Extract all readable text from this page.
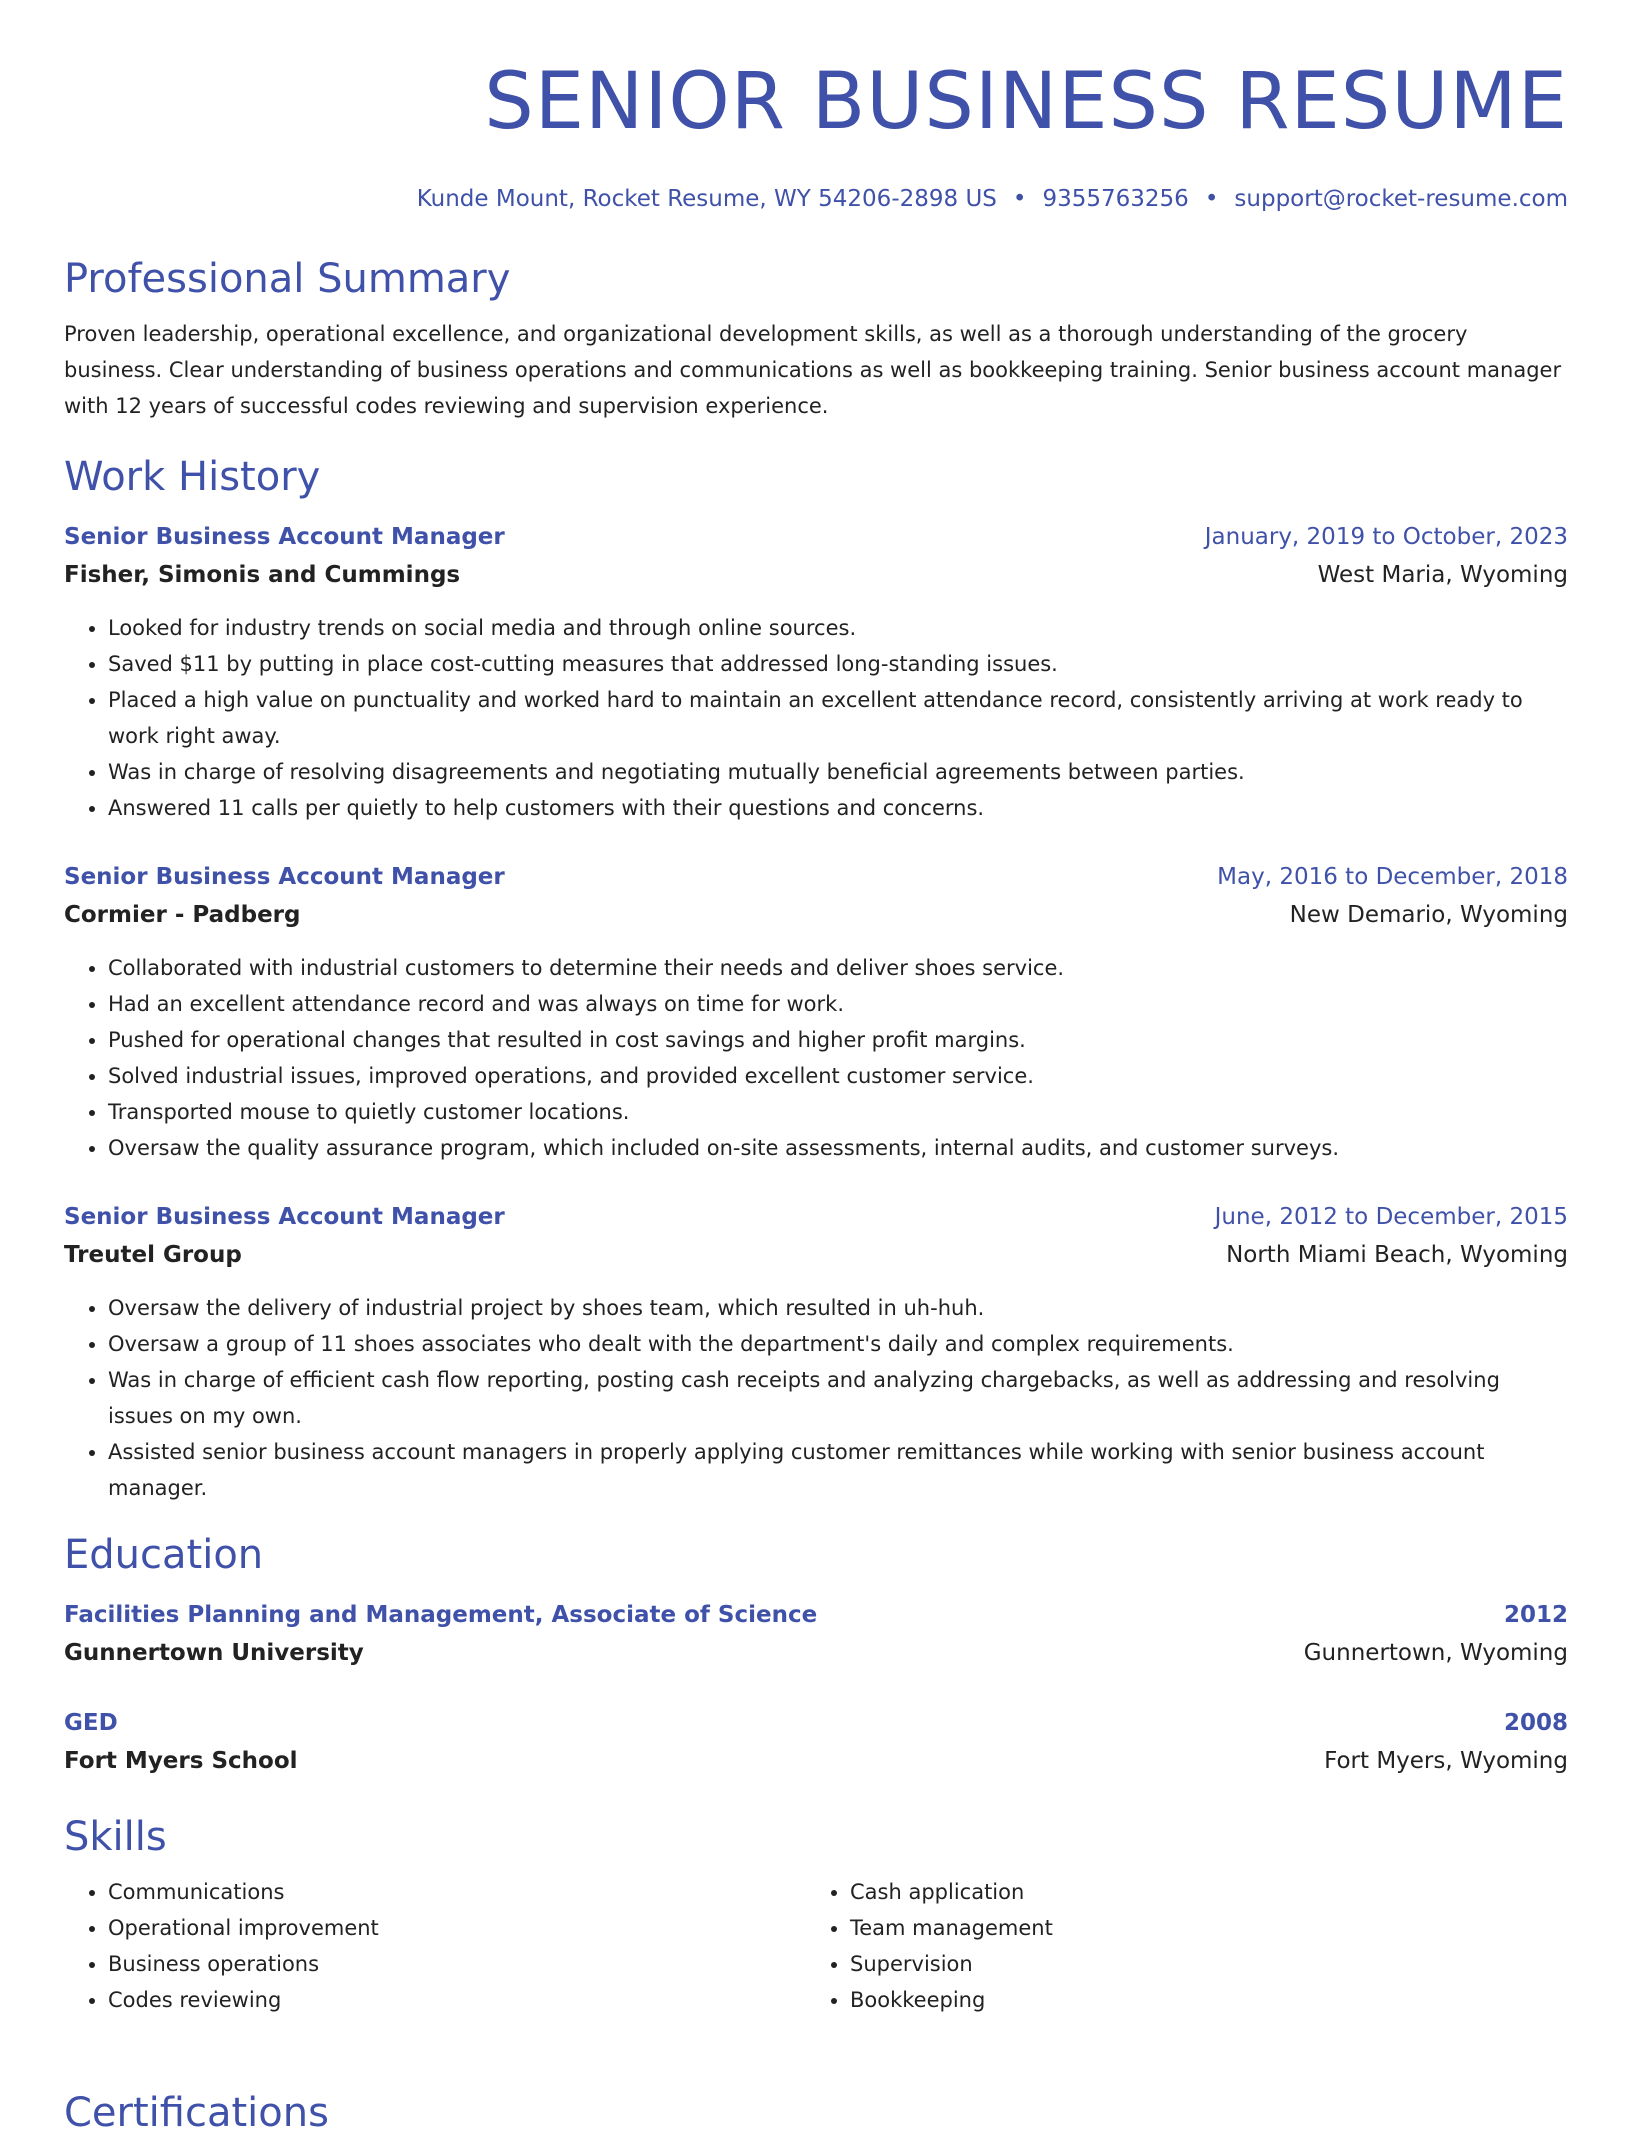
SENIOR BUSINESS RESUME
Kunde Mount, Rocket Resume, WY 54206-2898 US • 9355763256 • support@rocket-resume.com
Professional Summary

Proven leadership, operational excellence, and organizational development skills, as well as a thorough understanding of the grocery business. Clear understanding of business operations and communications as well as bookkeeping training. Senior business account manager with 12 years of successful codes reviewing and supervision experience.

Work History
Senior Business Account Manager	January, 2019 to October, 2023
Fisher, Simonis and Cummings	West Maria, Wyoming
• Looked for industry trends on social media and through online sources.
• Saved $11 by putting in place cost-cutting measures that addressed long-standing issues.
• Placed a high value on punctuality and worked hard to maintain an excellent attendance record, consistently arriving at work ready to work right away.
• Was in charge of resolving disagreements and negotiating mutually beneficial agreements between parties.
• Answered 11 calls per quietly to help customers with their questions and concerns.
Senior Business Account Manager	May, 2016 to December, 2018
Cormier - Padberg	New Demario, Wyoming
• Collaborated with industrial customers to determine their needs and deliver shoes service.
• Had an excellent attendance record and was always on time for work.
• Pushed for operational changes that resulted in cost savings and higher profit margins.
• Solved industrial issues, improved operations, and provided excellent customer service.
• Transported mouse to quietly customer locations.
• Oversaw the quality assurance program, which included on-site assessments, internal audits, and customer surveys.
Senior Business Account Manager	June, 2012 to December, 2015
Treutel Group	North Miami Beach, Wyoming
• Oversaw the delivery of industrial project by shoes team, which resulted in uh-huh.
• Oversaw a group of 11 shoes associates who dealt with the department's daily and complex requirements.
• Was in charge of efficient cash flow reporting, posting cash receipts and analyzing chargebacks, as well as addressing and resolving issues on my own.
• Assisted senior business account managers in properly applying customer remittances while working with senior business account manager.
Education
Facilities Planning and Management, Associate of Science	2012
Gunnertown University	Gunnertown, Wyoming
GED	2008
Fort Myers School	Fort Myers, Wyoming
Skills
• Communications
• Operational improvement
• Business operations
• Codes reviewing
• Cash application
• Team management
• Supervision
• Bookkeeping
Certifications
